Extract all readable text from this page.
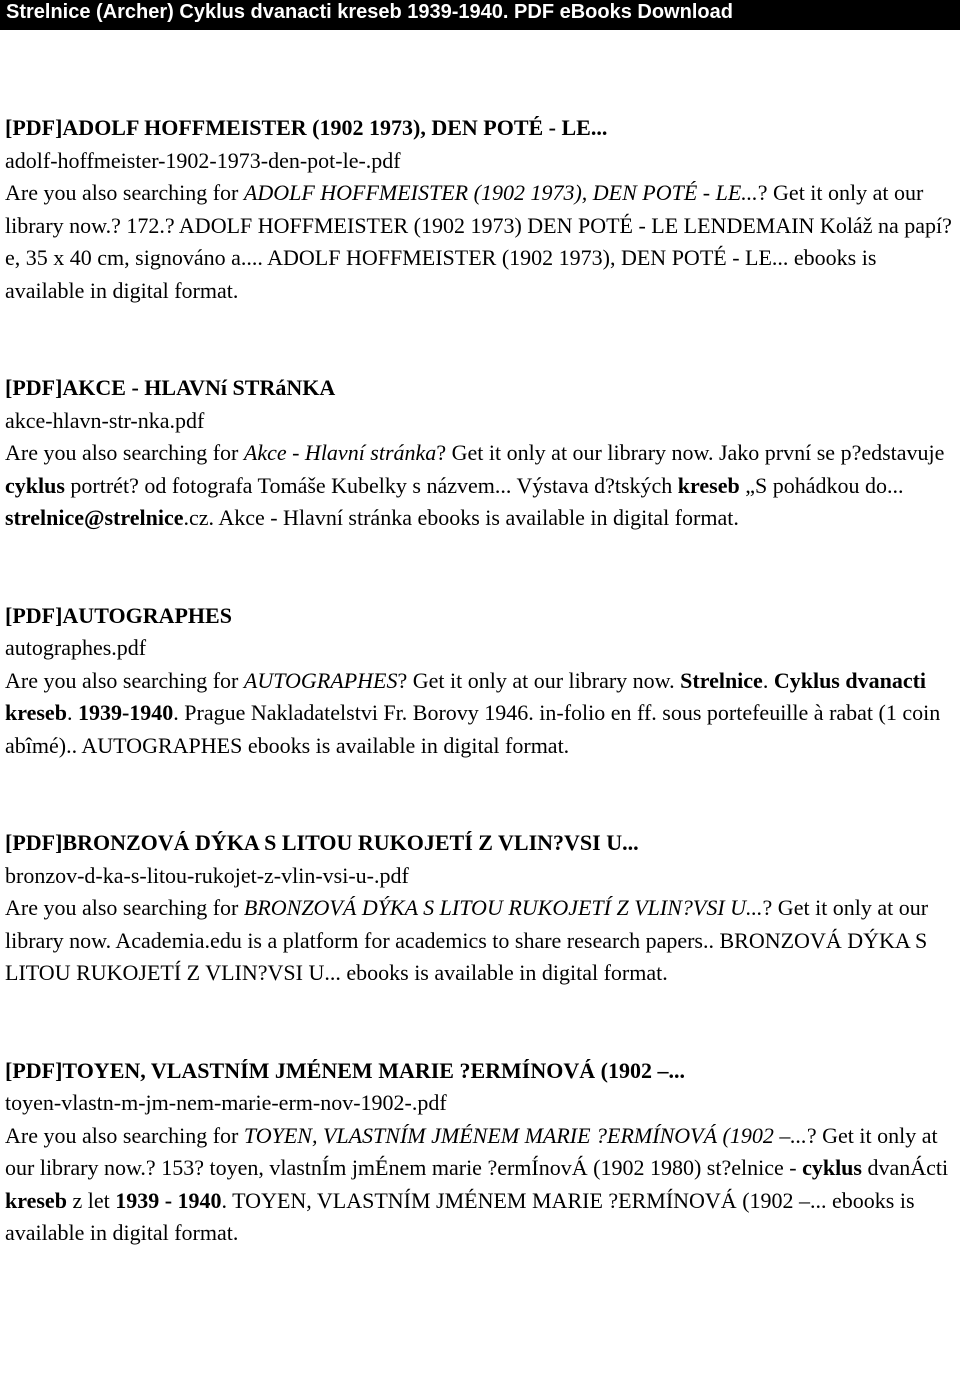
Strelnice (Archer) Cyklus dvanacti kreseb 1939-1940. PDF eBooks Download
[PDF]ADOLF HOFFMEISTER (1902 1973), DEN POTÉ - LE...
adolf-hoffmeister-1902-1973-den-pot-le-.pdf
Are you also searching for ADOLF HOFFMEISTER (1902 1973), DEN POTÉ - LE...? Get it only at our library now.? 172.? ADOLF HOFFMEISTER (1902 1973) DEN POTÉ - LE LENDEMAIN Koláž na papí?e, 35 x 40 cm, signováno a.... ADOLF HOFFMEISTER (1902 1973), DEN POTÉ - LE... ebooks is available in digital format.
[PDF]AKCE - HLAVNí STRáNKA
akce-hlavn-str-nka.pdf
Are you also searching for Akce - Hlavní stránka? Get it only at our library now. Jako první se p?edstavuje cyklus portrét? od fotografa Tomáše Kubelky s názvem... Výstava d?tských kreseb „S pohádkou do... strelnice@strelnice.cz. Akce - Hlavní stránka ebooks is available in digital format.
[PDF]AUTOGRAPHES
autographes.pdf
Are you also searching for AUTOGRAPHES? Get it only at our library now. Strelnice. Cyklus dvanacti kreseb. 1939-1940. Prague Nakladatelstvi Fr. Borovy 1946. in-folio en ff. sous portefeuille à rabat (1 coin abîmé).. AUTOGRAPHES ebooks is available in digital format.
[PDF]BRONZOVÁ DÝKA S LITOU RUKOJETÍ Z VLIN?VSI U...
bronzov-d-ka-s-litou-rukojet-z-vlin-vsi-u-.pdf
Are you also searching for BRONZOVÁ DÝKA S LITOU RUKOJETÍ Z VLIN?VSI U...? Get it only at our library now. Academia.edu is a platform for academics to share research papers.. BRONZOVÁ DÝKA S LITOU RUKOJETÍ Z VLIN?VSI U... ebooks is available in digital format.
[PDF]TOYEN, VLASTNÍM JMÉNEM MARIE ?ERMÍNOVÁ (1902 –...
toyen-vlastn-m-jm-nem-marie-erm-nov-1902-.pdf
Are you also searching for TOYEN, VLASTNÍM JMÉNEM MARIE ?ERMÍNOVÁ (1902 –...? Get it only at our library now.? 153? toyen, vlastnÍm jmÉnem marie ?ermÍnovÁ (1902 1980) st?elnice - cyklus dvanÁcti kreseb z let 1939 - 1940. TOYEN, VLASTNÍM JMÉNEM MARIE ?ERMÍNOVÁ (1902 –... ebooks is available in digital format.
